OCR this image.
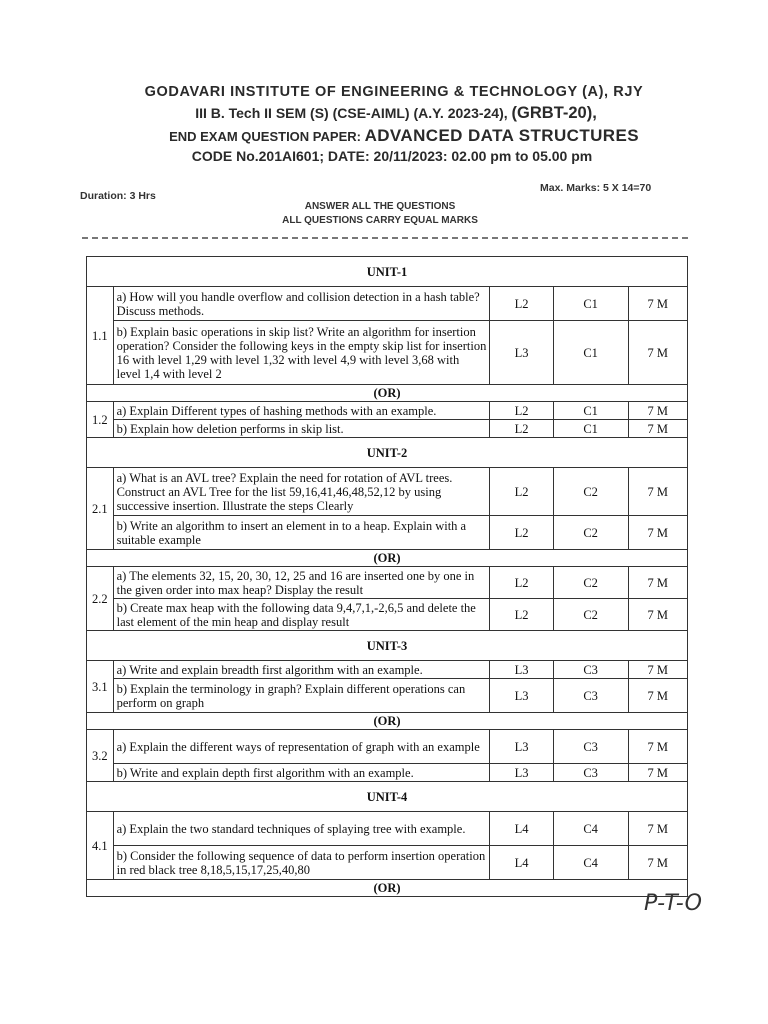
GODAVARI INSTITUTE OF ENGINEERING & TECHNOLOGY (A), RJY
III B. Tech II SEM (S) (CSE-AIML) (A.Y. 2023-24), (GRBT-20),
END EXAM QUESTION PAPER: ADVANCED DATA STRUCTURES
CODE No.201AI601; DATE: 20/11/2023: 02.00 pm to 05.00 pm
Duration: 3 Hrs
Max. Marks: 5 X 14=70
ANSWER ALL THE QUESTIONS
ALL QUESTIONS CARRY EQUAL MARKS
UNIT-1				
1.1	a) How will you handle overflow and collision detection in a hash table? Discuss methods.	L2	C1	7 M
	b) Explain basic operations in skip list? Write an algorithm for insertion operation? Consider the following keys in the empty skip list for insertion 16 with level 1,29 with level 1,32 with level 4,9 with level 3,68 with level 1,4 with level 2	L3	C1	7 M
(OR)				
1.2	a) Explain Different types of hashing methods with an example.	L2	C1	7 M
	b) Explain how deletion performs in skip list.	L2	C1	7 M
UNIT-2				
2.1	a) What is an AVL tree? Explain the need for rotation of AVL trees. Construct an AVL Tree for the list 59,16,41,46,48,52,12 by using successive insertion. Illustrate the steps Clearly	L2	C2	7 M
	b) Write an algorithm to insert an element in to a heap. Explain with a suitable example	L2	C2	7 M
(OR)				
2.2	a) The elements 32, 15, 20, 30, 12, 25 and 16 are inserted one by one in the given order into max heap? Display the result	L2	C2	7 M
	b) Create max heap with the following data 9,4,7,1,-2,6,5 and delete the last element of the min heap and display result	L2	C2	7 M
UNIT-3				
3.1	a) Write and explain breadth first algorithm with an example.	L3	C3	7 M
	b) Explain the terminology in graph? Explain different operations can perform on graph	L3	C3	7 M
(OR)				
3.2	a) Explain the different ways of representation of graph with an example	L3	C3	7 M
	b) Write and explain depth first algorithm with an example.	L3	C3	7 M
UNIT-4				
4.1	a) Explain the two standard techniques of splaying tree with example.	L4	C4	7 M
	b) Consider the following sequence of data to perform insertion operation in red black tree 8,18,5,15,17,25,40,80	L4	C4	7 M
(OR)				
P-T-O
